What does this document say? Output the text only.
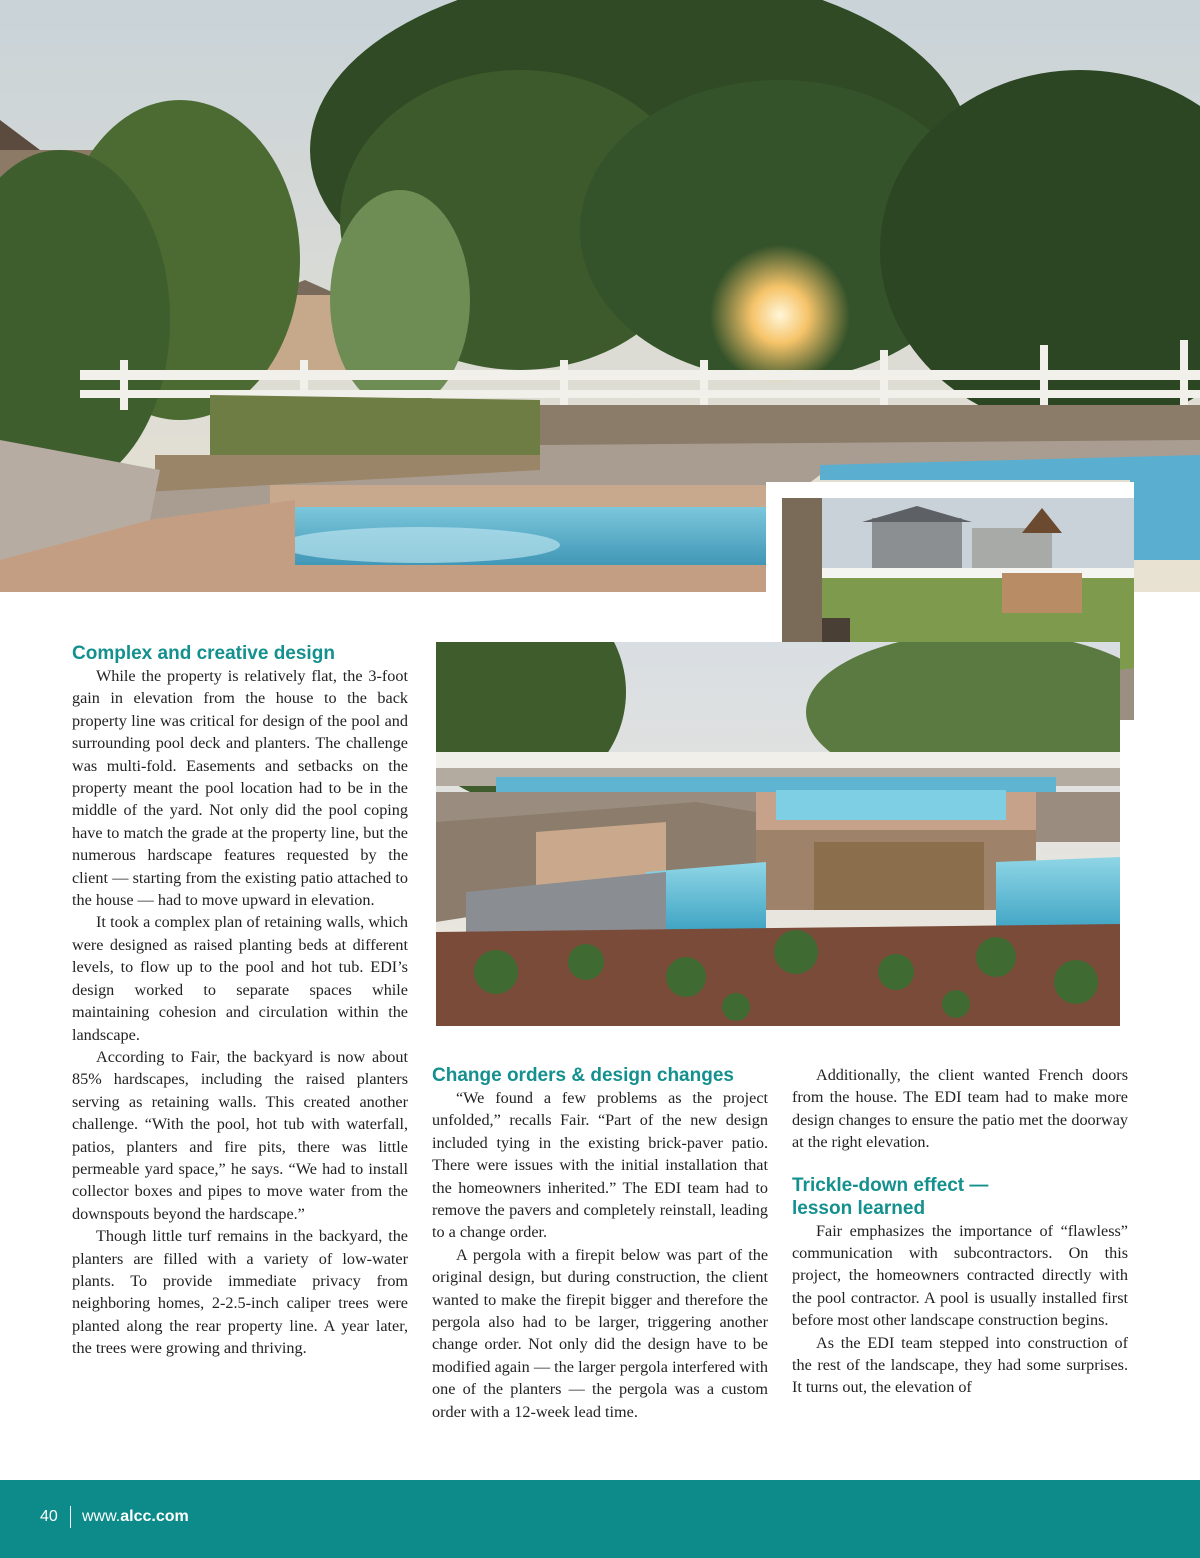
Complex and creative design

While the property is relatively flat, the 3-foot gain in elevation from the house to the back property line was critical for design of the pool and surrounding pool deck and planters. The challenge was multi-fold. Easements and setbacks on the property meant the pool location had to be in the middle of the yard. Not only did the pool coping have to match the grade at the property line, but the numerous hardscape features requested by the client — starting from the existing patio attached to the house — had to move upward in elevation.

It took a complex plan of retaining walls, which were designed as raised planting beds at different levels, to flow up to the pool and hot tub. EDI’s design worked to separate spaces while maintaining cohesion and circulation within the landscape.

According to Fair, the backyard is now about 85% hardscapes, including the raised planters serving as retaining walls. This created another challenge. “With the pool, hot tub with waterfall, patios, planters and fire pits, there was little permeable yard space,” he says. “We had to install collector boxes and pipes to move water from the downspouts beyond the hardscape.”

Though little turf remains in the backyard, the planters are filled with a variety of low-water plants. To provide immediate privacy from neighboring homes, 2-2.5-inch caliper trees were planted along the rear property line. A year later, the trees were growing and thriving.

Change orders & design changes

“We found a few problems as the project unfolded,” recalls Fair. “Part of the new design included tying in the existing brick-paver patio. There were issues with the initial installation that the homeowners inherited.” The EDI team had to remove the pavers and completely reinstall, leading to a change order.

A pergola with a firepit below was part of the original design, but during construction, the client wanted to make the firepit bigger and therefore the pergola also had to be larger, triggering another change order. Not only did the design have to be modified again — the larger pergola interfered with one of the planters — the pergola was a custom order with a 12-week lead time.

Additionally, the client wanted French doors from the house. The EDI team had to make more design changes to ensure the patio met the doorway at the right elevation.

Trickle-down effect —
lesson learned

Fair emphasizes the importance of “flawless” communication with subcontractors. On this project, the homeowners contracted directly with the pool contractor. A pool is usually installed first before most other landscape construction begins.

As the EDI team stepped into construction of the rest of the landscape, they had some surprises. It turns out, the elevation of

40 www.alcc.com
